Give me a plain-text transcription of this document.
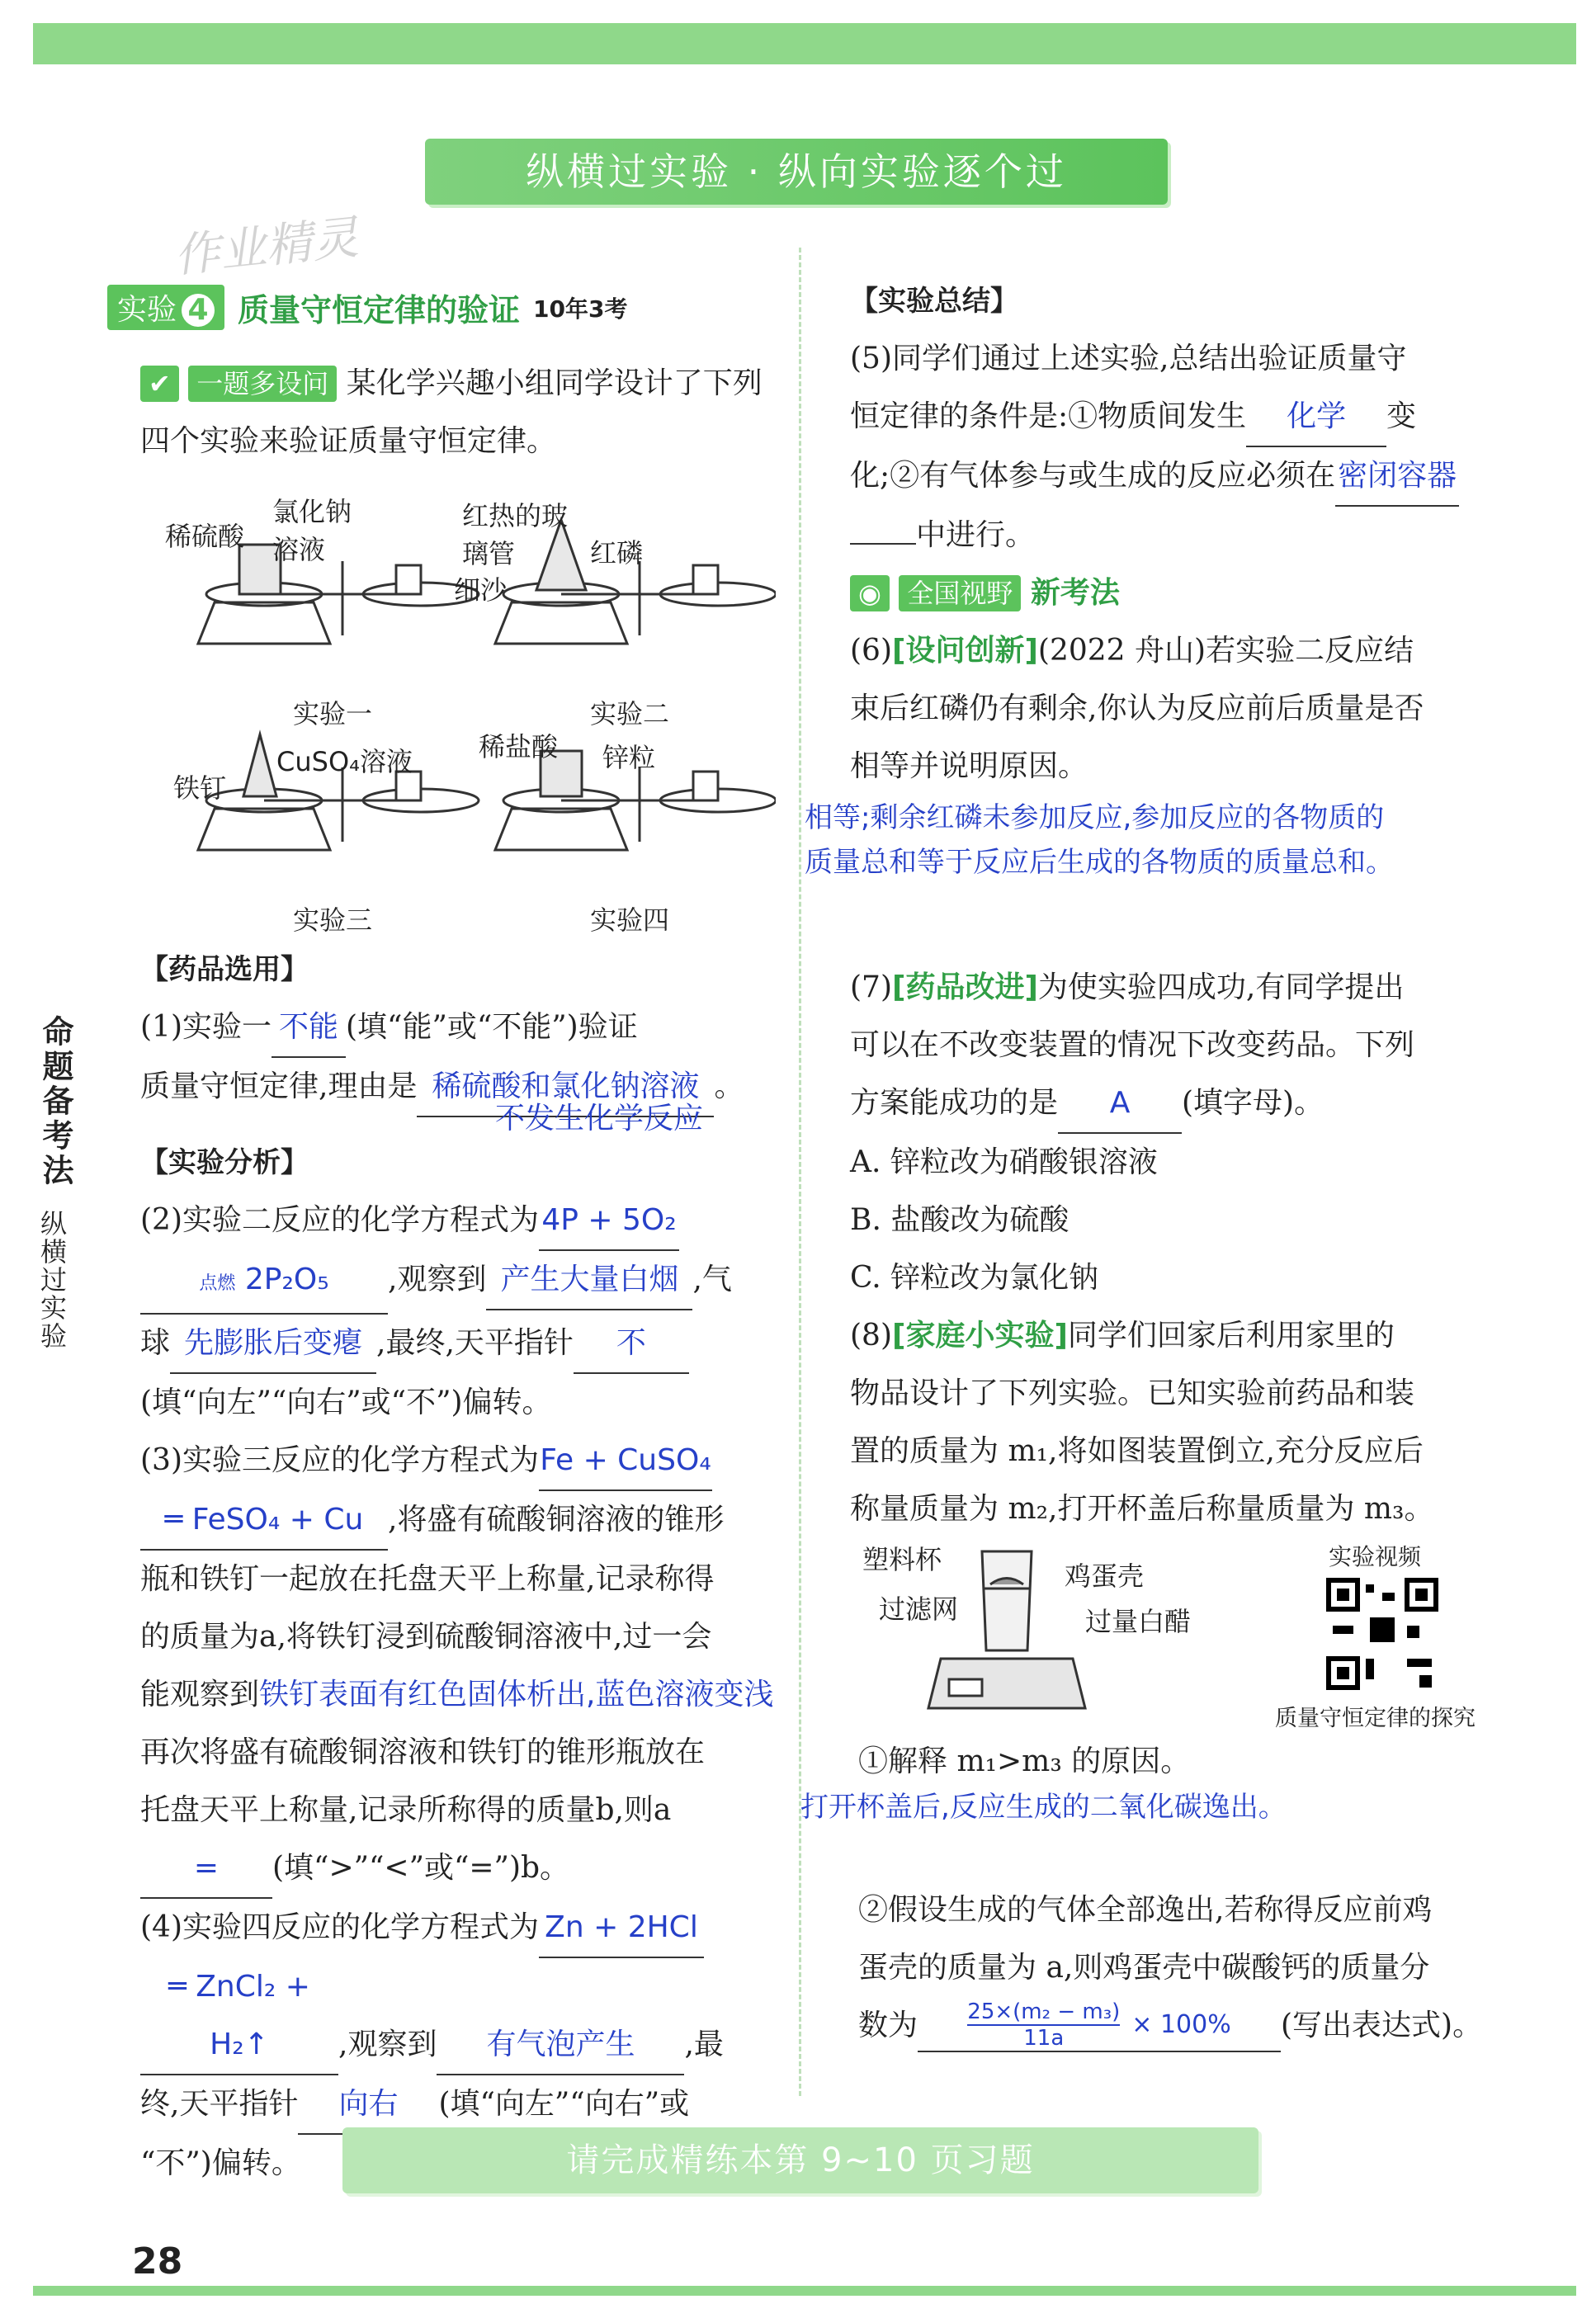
纵横过实验 · 纵向实验逐个过
作业精灵
实验 4 质量守恒定律的验证 10年3考
✔ 一题多设问 某化学兴趣小组同学设计了下列四个实验来验证质量守恒定律。
稀硫酸
氯化钠溶液
红热的玻璃管	红磷
细沙
实验一	实验二
CuSO₄溶液
铁钉
稀盐酸 锌粒
实验三	实验四
【药品选用】
(1)实验一 不能 (填“能”或“不能”)验证
质量守恒定律,理由是 稀硫酸和氯化钠溶液 。
不发生化学反应
【实验分析】
(2)实验二反应的化学方程式为4P + 5O₂
点燃 2P₂O₅ ,观察到 产生大量白烟 ,气
球 先膨胀后变瘪 ,最终,天平指针 不
(填“向左”“向右”或“不”)偏转。
(3)实验三反应的化学方程式为Fe + CuSO₄
═ FeSO₄ + Cu ,将盛有硫酸铜溶液的锥形
瓶和铁钉一起放在托盘天平上称量,记录称得
的质量为a,将铁钉浸到硫酸铜溶液中,过一会
能观察到铁钉表面有红色固体析出,蓝色溶液变浅
再次将盛有硫酸铜溶液和铁钉的锥形瓶放在
托盘天平上称量,记录所称得的质量b,则a
= (填“>”“<”或“=”)b。
(4)实验四反应的化学方程式为 Zn + 2HCl
═ ZnCl₂ + H₂↑ ,观察到 有气泡产生 ,最
终,天平指针 向右 (填“向左”“向右”或
“不”)偏转。
【实验总结】
(5)同学们通过上述实验,总结出验证质量守
恒定律的条件是:①物质间发生 化学 变
化;②有气体参与或生成的反应必须在密闭容器
中进行。
◉ 全国视野 新考法
(6)[设问创新](2022 舟山)若实验二反应结
束后红磷仍有剩余,你认为反应前后质量是否
相等并说明原因。
相等;剩余红磷未参加反应,参加反应的各物质的
质量总和等于反应后生成的各物质的质量总和。
(7)[药品改进]为使实验四成功,有同学提出
可以在不改变装置的情况下改变药品。下列
方案能成功的是 A (填字母)。
A. 锌粒改为硝酸银溶液
B. 盐酸改为硫酸
C. 锌粒改为氯化钠
(8)[家庭小实验]同学们回家后利用家里的
物品设计了下列实验。已知实验前药品和装
置的质量为 m₁,将如图装置倒立,充分反应后
称量质量为 m₂,打开杯盖后称量质量为 m₃。
塑料杯
鸡蛋壳
过滤网	过量白醋
实验视频
质量守恒定律的探究
①解释 m₁>m₃ 的原因。
打开杯盖后,反应生成的二氧化碳逸出。
②假设生成的气体全部逸出,若称得反应前鸡
蛋壳的质量为 a,则鸡蛋壳中碳酸钙的质量分
数为 $\frac{\text{25×(m₂ − m₃)}}{11a} \times 100\%$ (写出表达式)。
命题备考法
纵横过实验
请完成精练本第 9~10 页习题
28
